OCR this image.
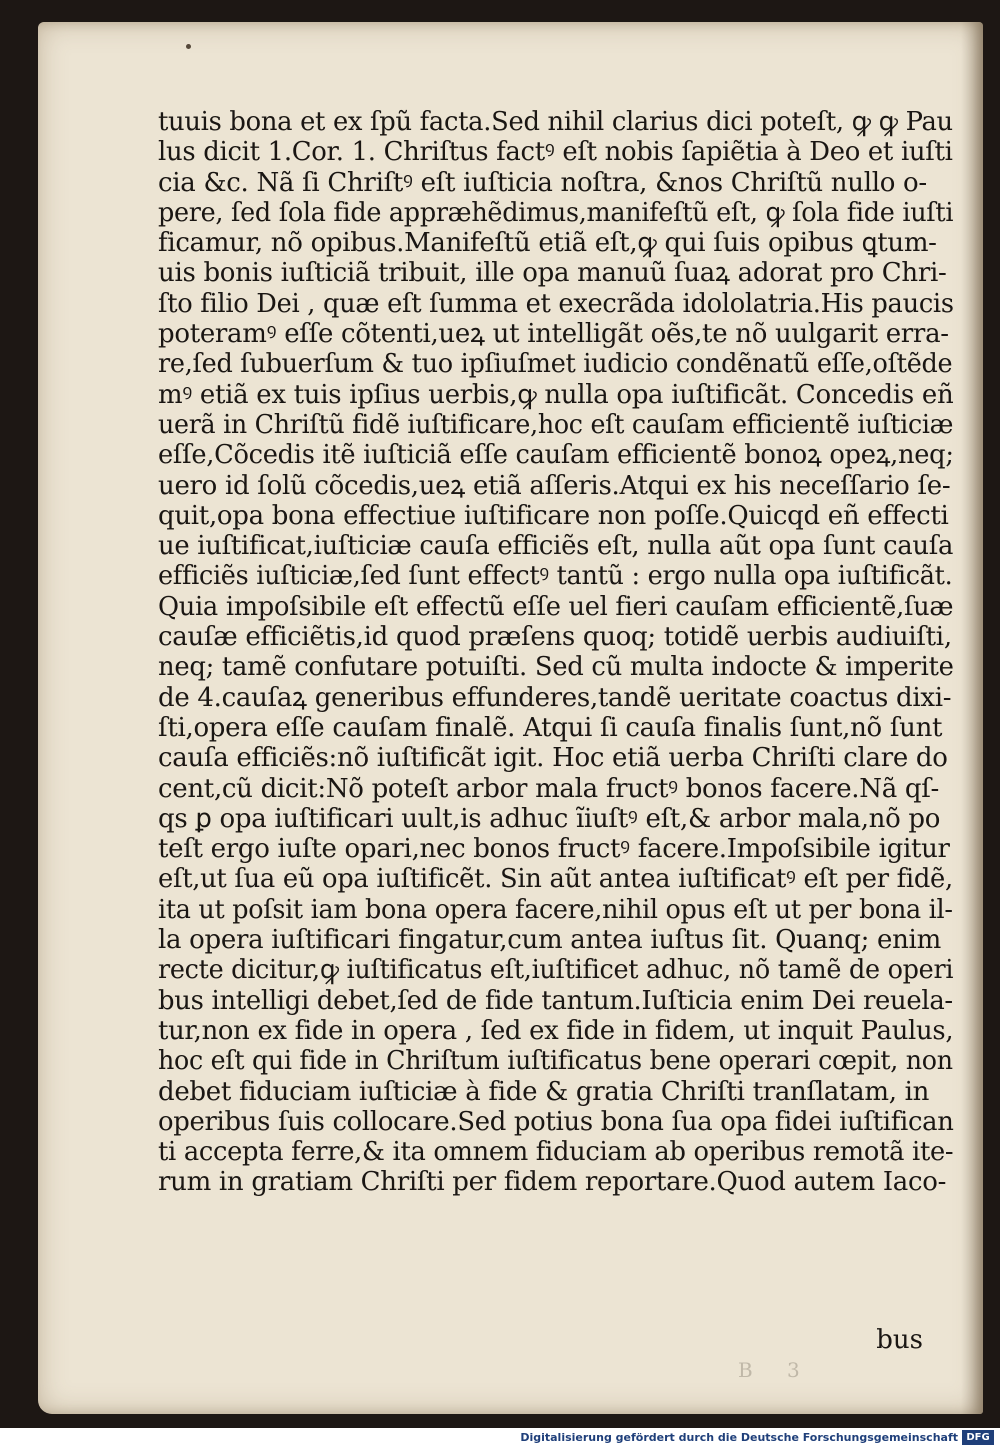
tuuis bona et ex ſpũ facta.Sed nihil clarius dici poteſt, ꝙ ꝙ Pau
lus dicit 1.Cor. 1. Chriſtus factꝰ eſt nobis ſapiẽtia à Deo et iuſti
cia &c. Nã ſi Chriſtꝰ eſt iuſticia noſtra, &nos Chriſtũ nullo o-
pere, ſed ſola fide appræhẽdimus,manifeſtũ eſt, ꝙ ſola fide iuſti
ficamur, nõ opibus.Manifeſtũ etiã eſt,ꝙ qui ſuis opibus ꝗtum-
uis bonis iuſticiã tribuit, ille opa manuũ ſuaꝝ adorat pro Chri-
ſto filio Dei , quæ eſt ſumma et execrãda idololatria.His paucis
poteramꝰ eſſe cõtenti,ueꝝ ut intelligãt oẽs,te nõ uulgarit erra-
re,ſed ſubuerſum & tuo ipſiuſmet iudicio condẽnatũ eſſe,oſtẽde
mꝰ etiã ex tuis ipſius uerbis,ꝙ nulla opa iuſtificãt. Concedis eñ
uerã in Chriſtũ fidẽ iuſtificare,hoc eſt cauſam efficientẽ iuſticiæ
eſſe,Cõcedis itẽ iuſticiã eſſe cauſam efficientẽ bonoꝝ opeꝝ,neq;
uero id ſolũ cõcedis,ueꝝ etiã aſſeris.Atqui ex his neceſſario ſe-
quit,opa bona effectiue iuſtificare non poſſe.Quicqd eñ effecti
ue iuſtificat,iuſticiæ cauſa efficiẽs eſt, nulla aũt opa ſunt cauſa
efficiẽs iuſticiæ,ſed ſunt effectꝰ tantũ : ergo nulla opa iuſtificãt.
Quia impoſsibile eſt effectũ eſſe uel fieri cauſam efficientẽ,ſuæ
cauſæ efficiẽtis,id quod præſens quoq; totidẽ uerbis audiuiſti,
neq; tamẽ confutare potuiſti. Sed cũ multa indocte & imperite
de 4.cauſaꝝ generibus effunderes,tandẽ ueritate coactus dixi-
ſti,opera eſſe cauſam finalẽ. Atqui ſi cauſa finalis ſunt,nõ ſunt
cauſa efficiẽs:nõ iuſtificãt igit. Hoc etiã uerba Chriſti clare do
cent,cũ dicit:Nõ poteſt arbor mala fructꝰ bonos facere.Nã qſ-
qs ꝑ opa iuſtificari uult,is adhuc ĩiuſtꝰ eſt,& arbor mala,nõ po
teſt ergo iuſte opari,nec bonos fructꝰ facere.Impoſsibile igitur
eſt,ut ſua eũ opa iuſtificẽt. Sin aũt antea iuſtificatꝰ eſt per fidẽ,
ita ut poſsit iam bona opera facere,nihil opus eſt ut per bona il-
la opera iuſtificari fingatur,cum antea iuſtus ſit. Quanq; enim
recte dicitur,ꝙ iuſtificatus eſt,iuſtificet adhuc, nõ tamẽ de operi
bus intelligi debet,ſed de fide tantum.Iuſticia enim Dei reuela-
tur,non ex fide in opera , ſed ex fide in fidem, ut inquit Paulus,
hoc eſt qui fide in Chriſtum iuſtificatus bene operari cœpit, non
debet fiduciam iuſticiæ à fide & gratia Chriſti tranſlatam, in
operibus ſuis collocare.Sed potius bona ſua opa fidei iuſtifican
ti accepta ferre,& ita omnem fiduciam ab operibus remotã ite-
rum in gratiam Chriſti per fidem reportare.Quod autem Iaco-
B 3
bus
Digitalisierung gefördert durch die Deutsche Forschungsgemeinschaft DFG
